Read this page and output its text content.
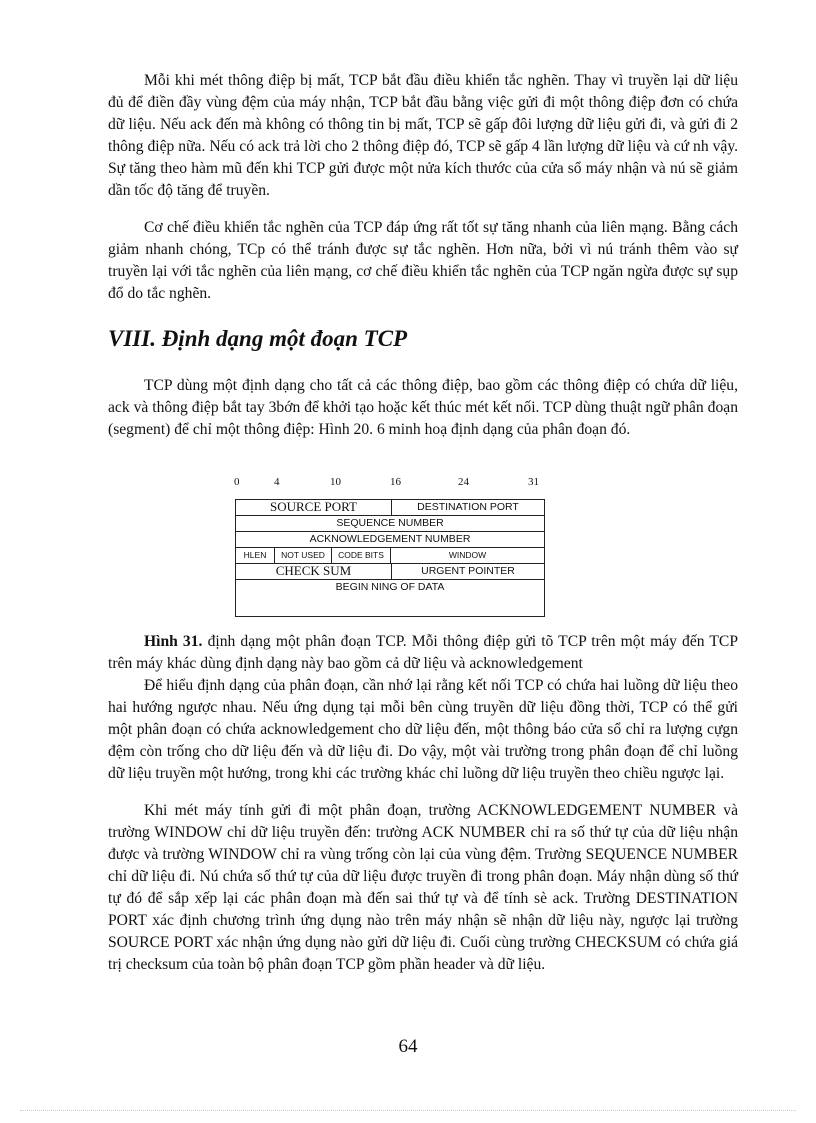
Mỗi khi mét thông điệp bị mất, TCP bắt đầu điều khiển tắc nghẽn. Thay vì truyền lại dữ liệu đủ để điền đầy vùng đệm của máy nhận, TCP bắt đầu bằng việc gửi đi một thông điệp đơn có chứa dữ liệu. Nếu ack đến mà không có thông tin bị mất, TCP sẽ gấp đôi lượng dữ liệu gửi đi, và gửi đi 2 thông điệp nữa. Nếu có ack trả lời cho 2 thông điệp đó, TCP sẽ gấp 4 lần lượng dữ liệu và cứ nh vậy. Sự tăng theo hàm mũ đến khi TCP gửi được một nửa kích thước của cửa sổ máy nhận và nú sẽ giảm dần tốc độ tăng để truyền.

Cơ chế điều khiển tắc nghẽn của TCP đáp ứng rất tốt sự tăng nhanh của liên mạng. Bằng cách giảm nhanh chóng, TCp có thể tránh được sự tắc nghẽn. Hơn nữa, bởi vì nú tránh thêm vào sự truyền lại với tắc nghẽn của liên mạng, cơ chế điều khiển tắc nghẽn của TCP ngăn ngừa được sự sụp đổ do tắc nghẽn.

VIII. Định dạng một đoạn TCP

TCP dùng một định dạng cho tất cả các thông điệp, bao gồm các thông điệp có chứa dữ liệu, ack và thông điệp bắt tay 3bớn để khởi tạo hoặc kết thúc mét kết nối. TCP dùng thuật ngữ phân đoạn (segment) để chỉ một thông điệp: Hình 20. 6 minh hoạ định dạng của phân đoạn đó.

0	4	10	16	24	31
SOURCE PORT	DESTINATION PORT
SEQUENCE NUMBER
ACKNOWLEDGEMENT NUMBER
HLEN	NOT USED	CODE BITS	WINDOW
CHECK SUM	URGENT POINTER
BEGIN NING OF DATA

Hình 31. định dạng một phân đoạn TCP. Mỗi thông điệp gửi tõ TCP trên một máy đến TCP trên máy khác dùng định dạng này bao gồm cả dữ liệu và acknowledgement

Để hiểu định dạng của phân đoạn, cần nhớ lại rằng kết nối TCP có chứa hai luồng dữ liệu theo hai hướng ngược nhau. Nếu ứng dụng tại mỗi bên cùng truyền dữ liệu đồng thời, TCP có thể gửi một phân đoạn có chứa acknowledgement cho dữ liệu đến, một thông báo cửa sổ chỉ ra lượng cựgn đệm còn trống cho dữ liệu đến và dữ liệu đi. Do vậy, một vài trường trong phân đoạn để chỉ luồng dữ liệu truyền một hướng, trong khi các trường khác chỉ luồng dữ liệu truyền theo chiều ngược lại.

Khi mét máy tính gửi đi một phân đoạn, trường ACKNOWLEDGEMENT NUMBER và trường WINDOW chỉ dữ liệu truyền đến: trường ACK NUMBER chỉ ra số thứ tự của dữ liệu nhận được và trường WINDOW chỉ ra vùng trống còn lại của vùng đệm. Trường SEQUENCE NUMBER chỉ dữ liệu đi. Nú chứa số thứ tự của dữ liệu được truyền đi trong phân đoạn. Máy nhận dùng số thứ tự đó để sắp xếp lại các phân đoạn mà đến sai thứ tự và để tính sè ack. Trường DESTINATION PORT xác định chương trình ứng dụng nào trên máy nhận sẽ nhận dữ liệu này, ngược lại trường SOURCE PORT xác nhận ứng dụng nào gửi dữ liệu đi. Cuối cùng trường CHECKSUM có chứa giá trị checksum của toàn bộ phân đoạn TCP gồm phần header và dữ liệu.

64
